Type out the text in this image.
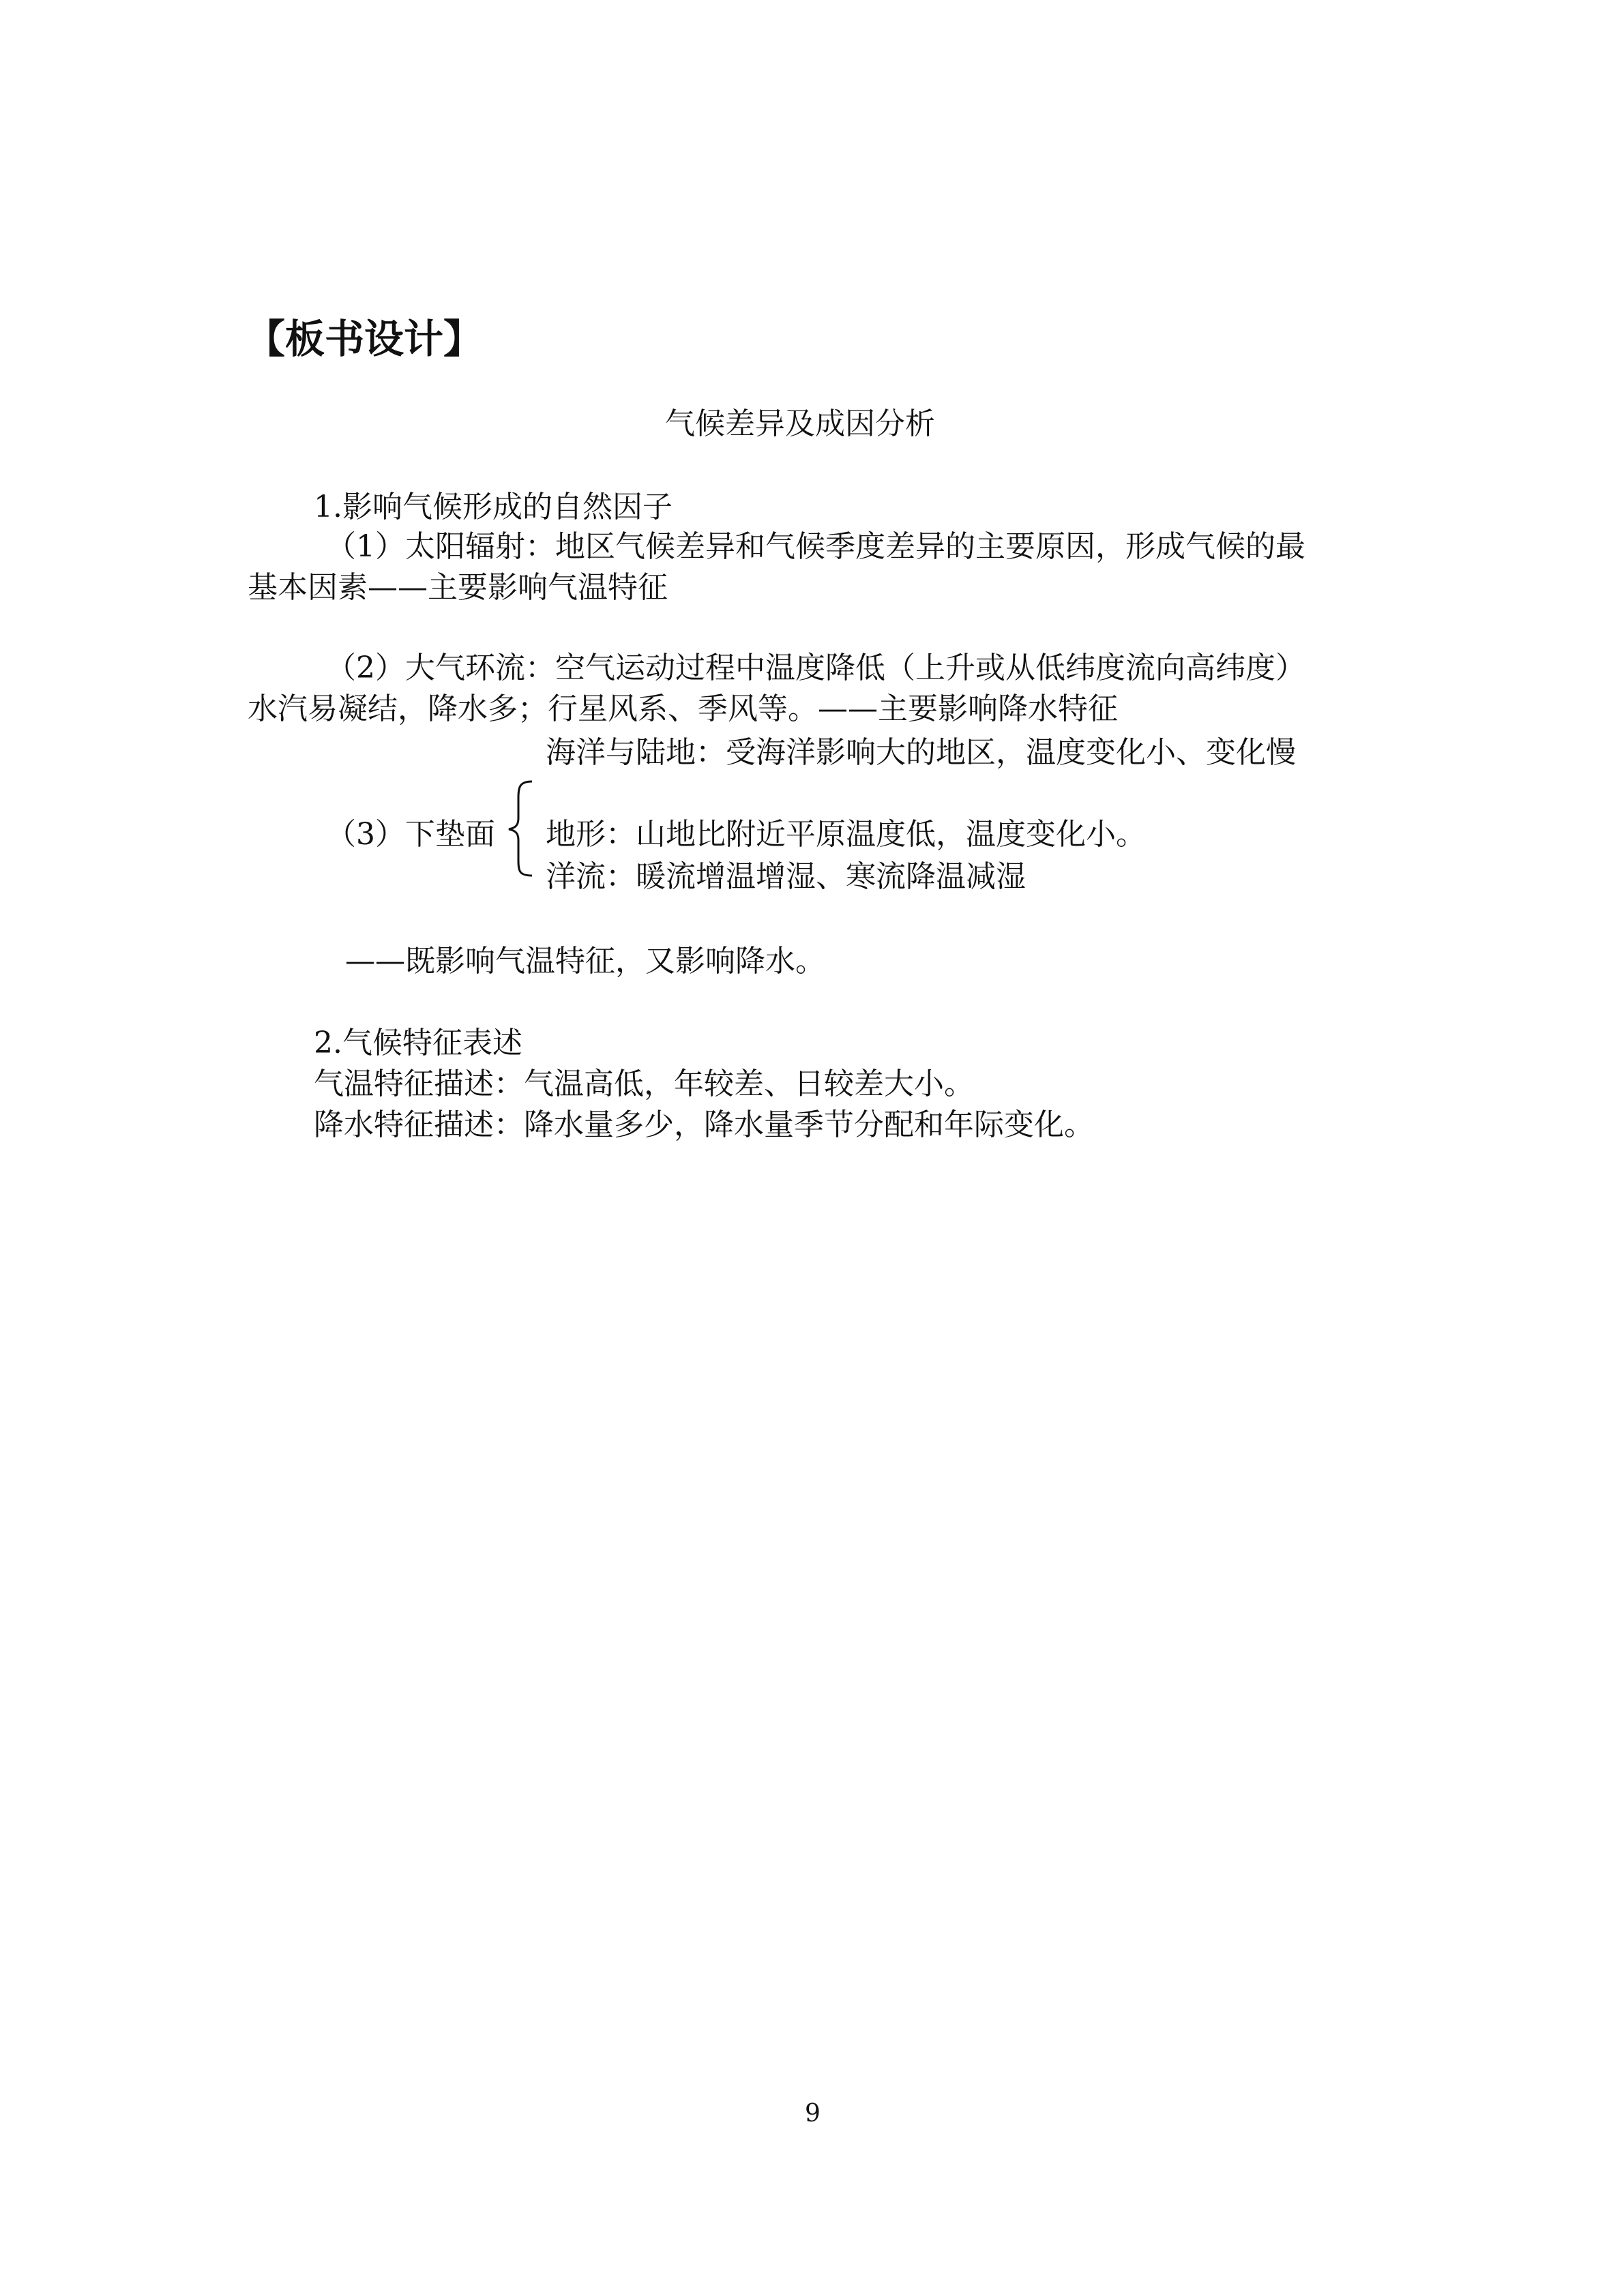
【板书设计】
气候差异及成因分析
1.影响气候形成的自然因子
（1）太阳辐射：地区气候差异和气候季度差异的主要原因，形成气候的最
基本因素——主要影响气温特征
（2）大气环流：空气运动过程中温度降低（上升或从低纬度流向高纬度）
水汽易凝结，降水多；行星风系、季风等。——主要影响降水特征
海洋与陆地：受海洋影响大的地区，温度变化小、变化慢
（3）下垫面 地形：山地比附近平原温度低，温度变化小。
洋流：暖流增温增湿、寒流降温减湿
——既影响气温特征，又影响降水。
2.气候特征表述
气温特征描述：气温高低，年较差、日较差大小。
降水特征描述：降水量多少，降水量季节分配和年际变化。
9
